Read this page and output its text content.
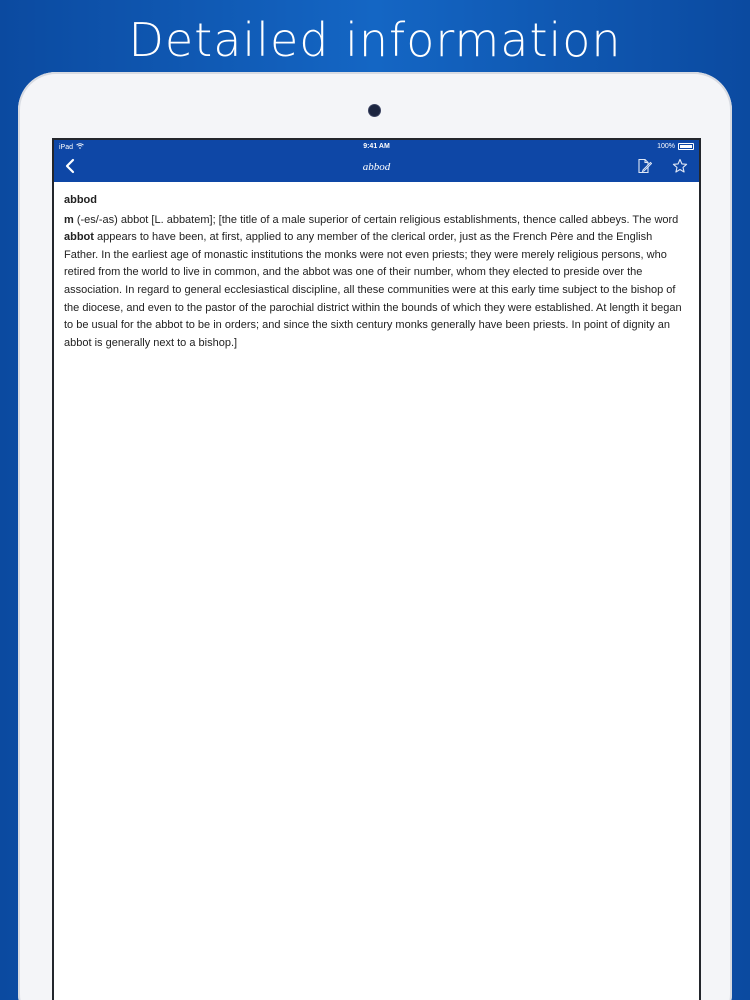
Detailed information
iPad	9:41 AM	100%
abbod
abbod

m (-es/-as) abbot [L. abbatem]; [the title of a male superior of certain religious establishments, thence called abbeys. The word abbot appears to have been, at first, applied to any member of the clerical order, just as the French Père and the English Father. In the earliest age of monastic institutions the monks were not even priests; they were merely religious persons, who retired from the world to live in common, and the abbot was one of their number, whom they elected to preside over the association. In regard to general ecclesiastical discipline, all these communities were at this early time subject to the bishop of the diocese, and even to the pastor of the parochial district within the bounds of which they were established. At length it began to be usual for the abbot to be in orders; and since the sixth century monks generally have been priests. In point of dignity an abbot is generally next to a bishop.]
